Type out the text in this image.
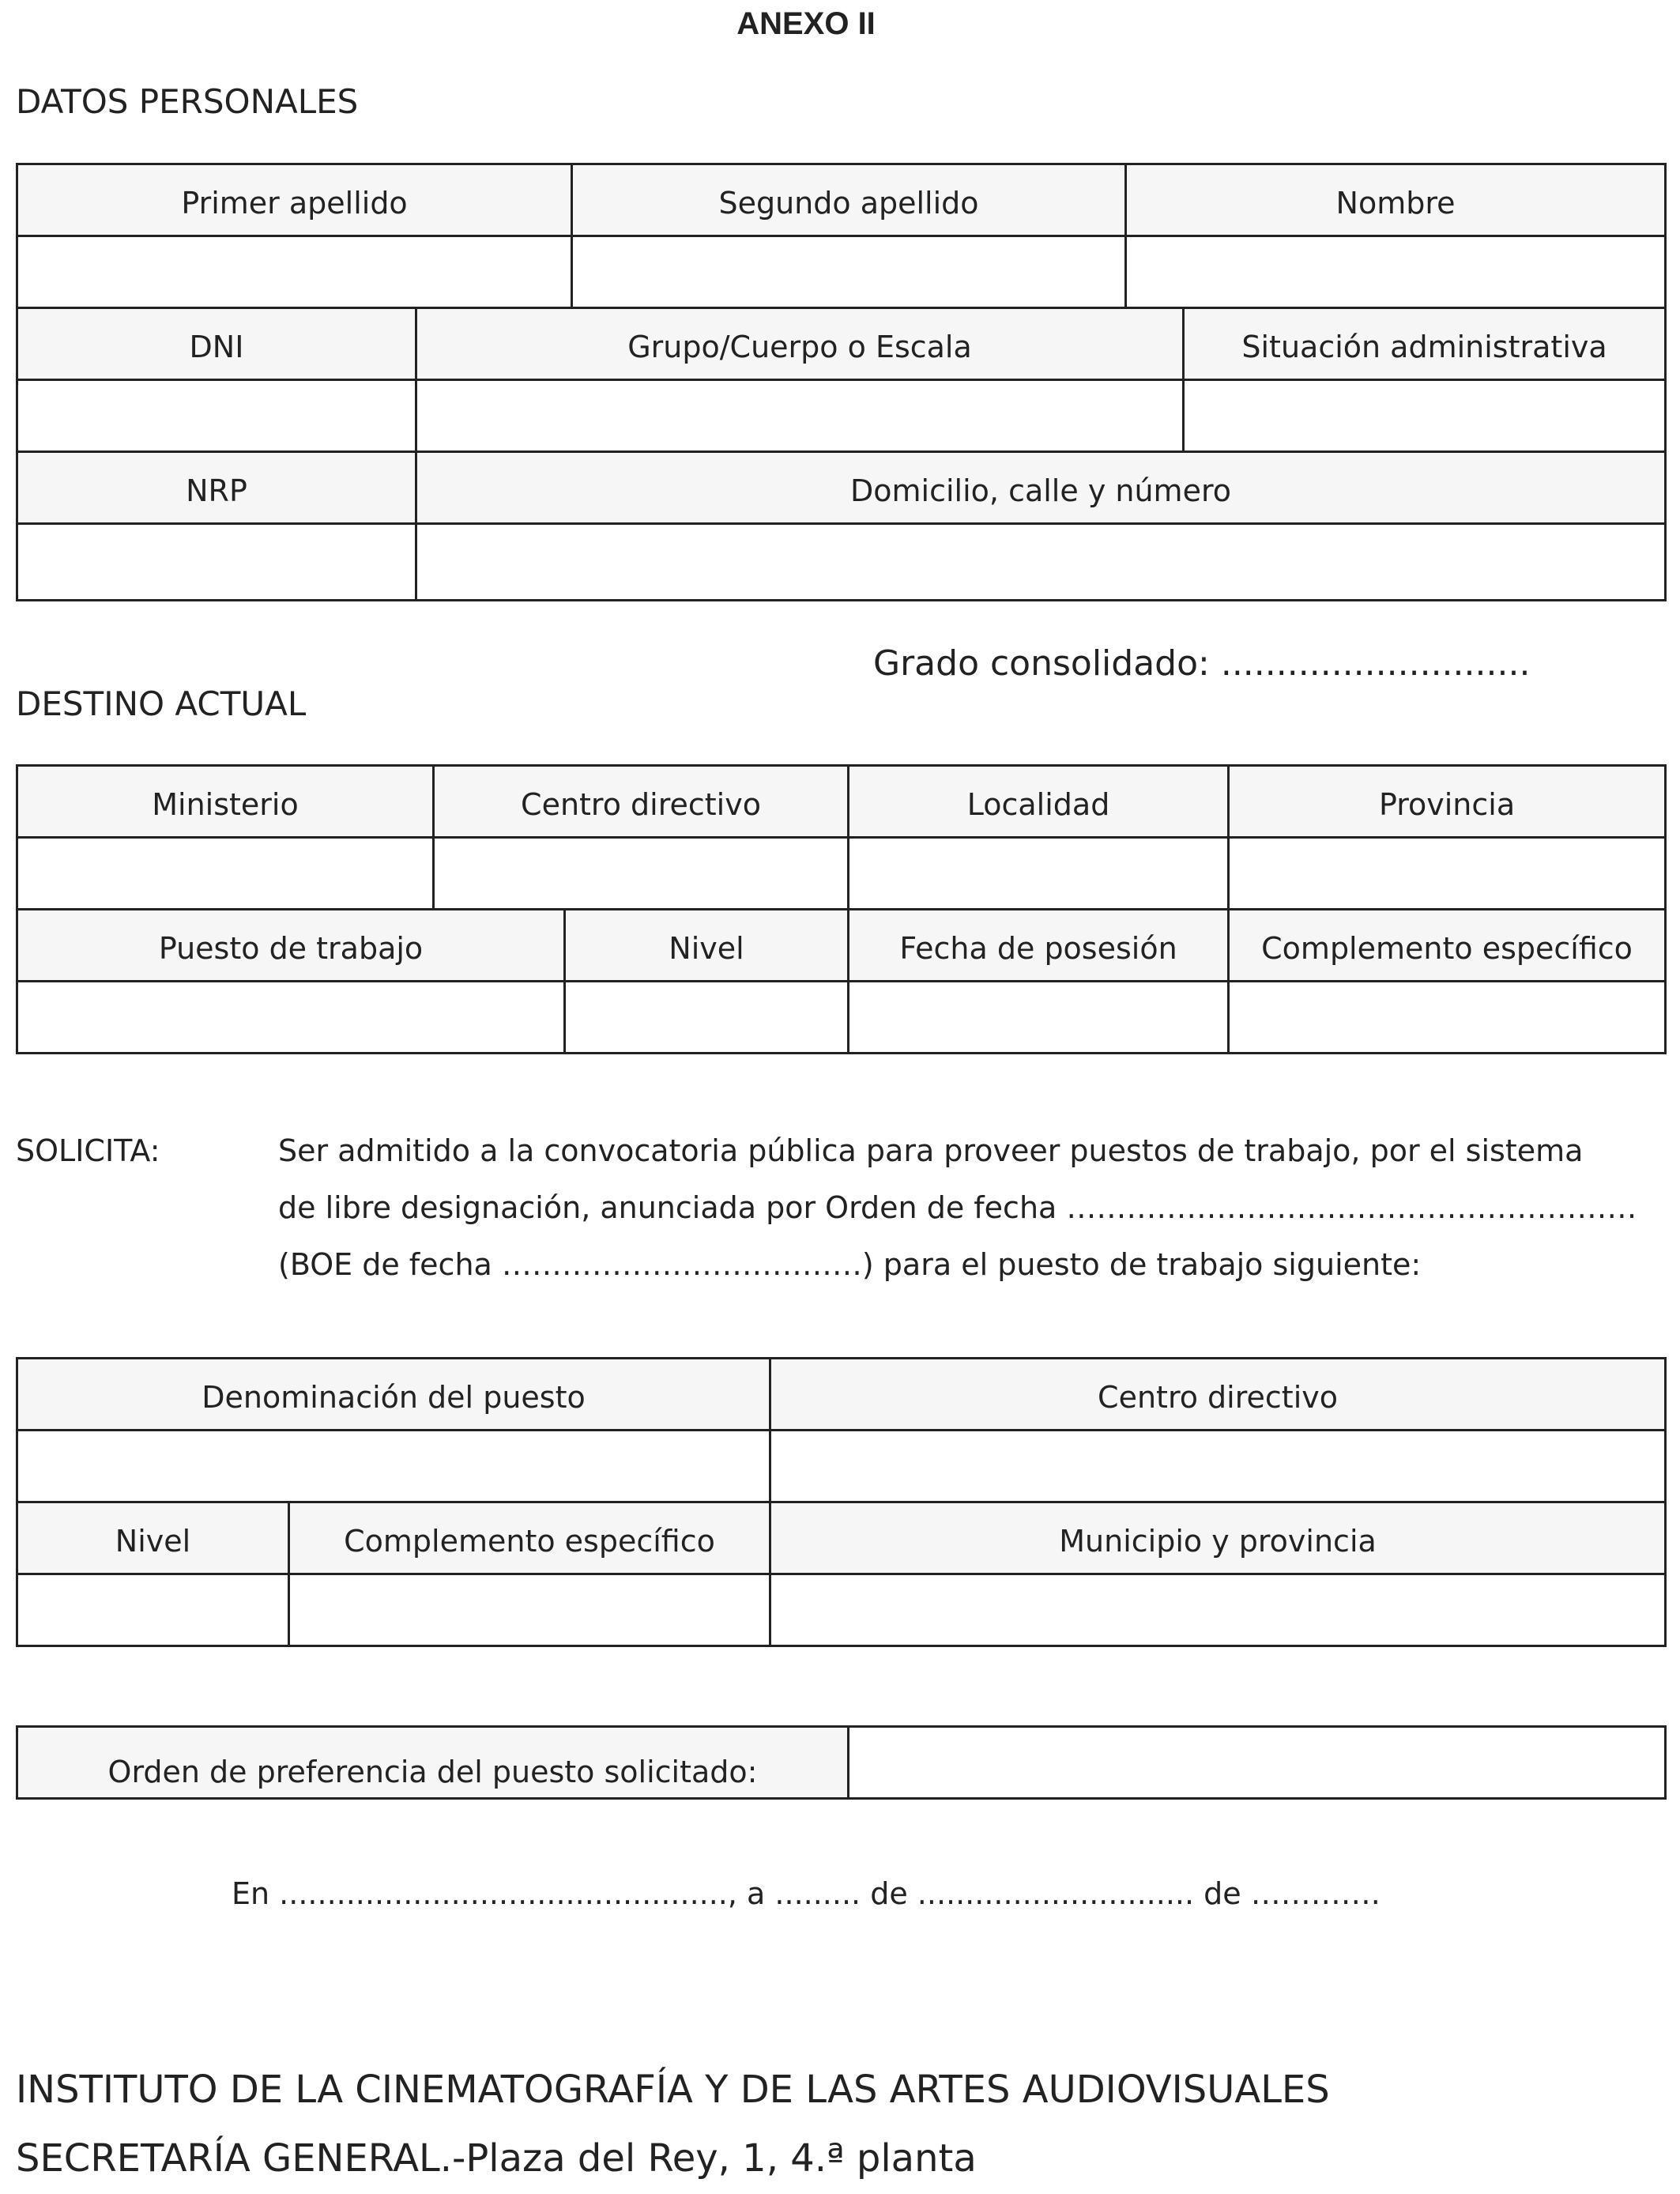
ANEXO II
DATOS PERSONALES
Primer apellido		Segundo apellido	Nombre	

DNI	Grupo/Cuerpo o Escala			Situación administrativa

NRP	Domicilio, calle y número			

Grado consolidado: ............................
DESTINO ACTUAL
Ministerio	Centro directivo		Localidad	Provincia

Puesto de trabajo		Nivel	Fecha de posesión	Complemento específico

SOLICITA:	Ser admitido a la convocatoria pública para proveer puestos de trabajo, por el sistema
de libre designación, anunciada por Orden de fecha …………………………………………………
(BOE de fecha ………………………………) para el puesto de trabajo siguiente:
Denominación del puesto		Centro directivo

Nivel	Complemento específico	Municipio y provincia

Orden de preferencia del puesto solicitado:	
En ..............................................., a ......... de ............................. de ………….
INSTITUTO DE LA CINEMATOGRAFÍA Y DE LAS ARTES AUDIOVISUALES
SECRETARÍA GENERAL.-Plaza del Rey, 1, 4.ª planta
